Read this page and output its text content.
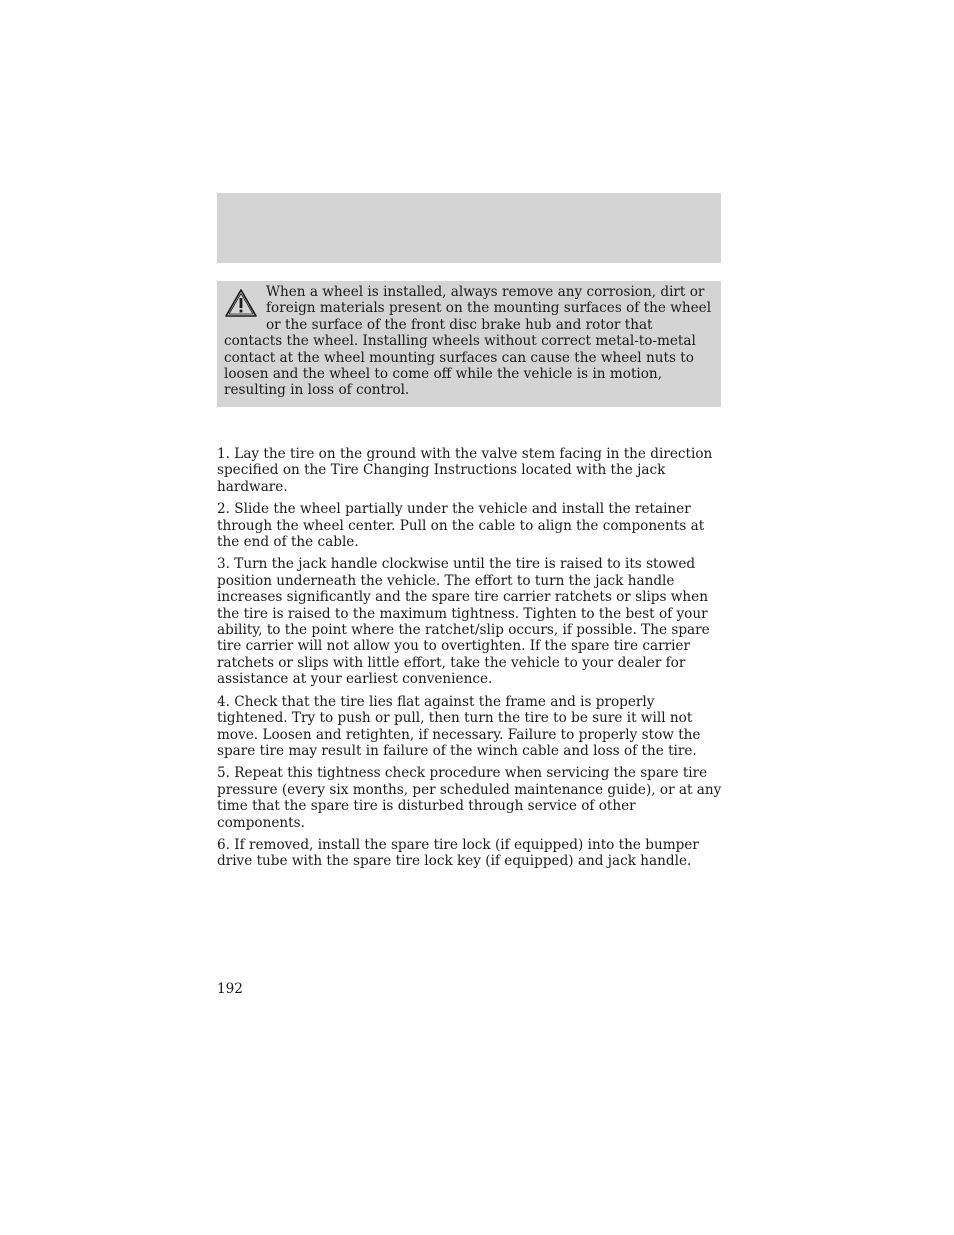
When a wheel is installed, always remove any corrosion, dirt or foreign materials present on the mounting surfaces of the wheel or the surface of the front disc brake hub and rotor that contacts the wheel. Installing wheels without correct metal-to-metal contact at the wheel mounting surfaces can cause the wheel nuts to loosen and the wheel to come off while the vehicle is in motion, resulting in loss of control.

1. Lay the tire on the ground with the valve stem facing in the direction specified on the Tire Changing Instructions located with the jack hardware.

2. Slide the wheel partially under the vehicle and install the retainer through the wheel center. Pull on the cable to align the components at the end of the cable.

3. Turn the jack handle clockwise until the tire is raised to its stowed position underneath the vehicle. The effort to turn the jack handle increases significantly and the spare tire carrier ratchets or slips when the tire is raised to the maximum tightness. Tighten to the best of your ability, to the point where the ratchet/slip occurs, if possible. The spare tire carrier will not allow you to overtighten. If the spare tire carrier ratchets or slips with little effort, take the vehicle to your dealer for assistance at your earliest convenience.

4. Check that the tire lies flat against the frame and is properly tightened. Try to push or pull, then turn the tire to be sure it will not move. Loosen and retighten, if necessary. Failure to properly stow the spare tire may result in failure of the winch cable and loss of the tire.

5. Repeat this tightness check procedure when servicing the spare tire pressure (every six months, per scheduled maintenance guide), or at any time that the spare tire is disturbed through service of other components.

6. If removed, install the spare tire lock (if equipped) into the bumper drive tube with the spare tire lock key (if equipped) and jack handle.

192
